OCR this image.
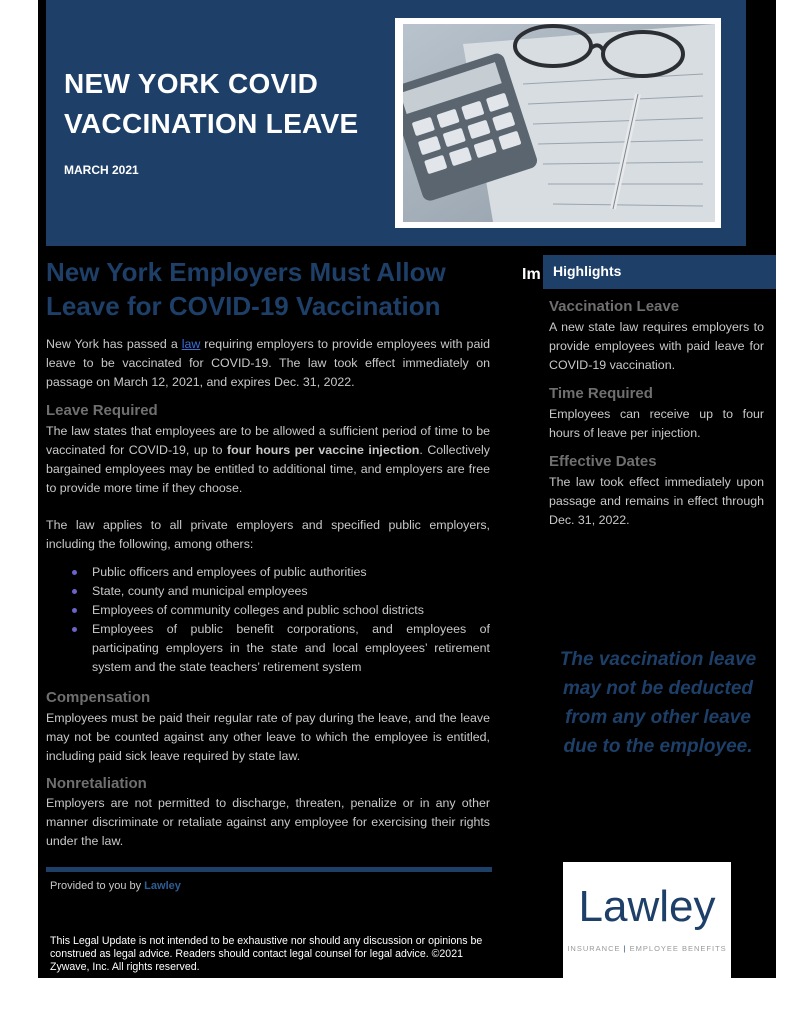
NEW YORK COVID
VACCINATION LEAVE
MARCH 2021
New York Employers Must Allow Leave for COVID-19 Vaccination
New York has passed a law requiring employers to provide employees with paid leave to be vaccinated for COVID-19. The law took effect immediately on passage on March 12, 2021, and expires Dec. 31, 2022.
Leave Required
The law states that employees are to be allowed a sufficient period of time to be vaccinated for COVID-19, up to four hours per vaccine injection. Collectively bargained employees may be entitled to additional time, and employers are free to provide more time if they choose.
The law applies to all private employers and specified public employers, including the following, among others:
Public officers and employees of public authorities
State, county and municipal employees
Employees of community colleges and public school districts
Employees of public benefit corporations, and employees of participating employers in the state and local employees’ retirement system and the state teachers’ retirement system
Compensation
Employees must be paid their regular rate of pay during the leave, and the leave may not be counted against any other leave to which the employee is entitled, including paid sick leave required by state law.
Nonretaliation
Employers are not permitted to discharge, threaten, penalize or in any other manner discriminate or retaliate against any employee for exercising their rights under the law.
Provided to you by Lawley
This Legal Update is not intended to be exhaustive nor should any discussion or opinions be construed as legal advice. Readers should contact legal counsel for legal advice. ©2021 Zywave, Inc. All rights reserved.
Im Highlights
Vaccination Leave
A new state law requires employers to provide employees with paid leave for COVID-19 vaccination.
Time Required
Employees can receive up to four hours of leave per injection.
Effective Dates
The law took effect immediately upon passage and remains in effect through Dec. 31, 2022.
The vaccination leave may not be deducted from any other leave due to the employee.
Lawley
INSURANCE | EMPLOYEE BENEFITS
